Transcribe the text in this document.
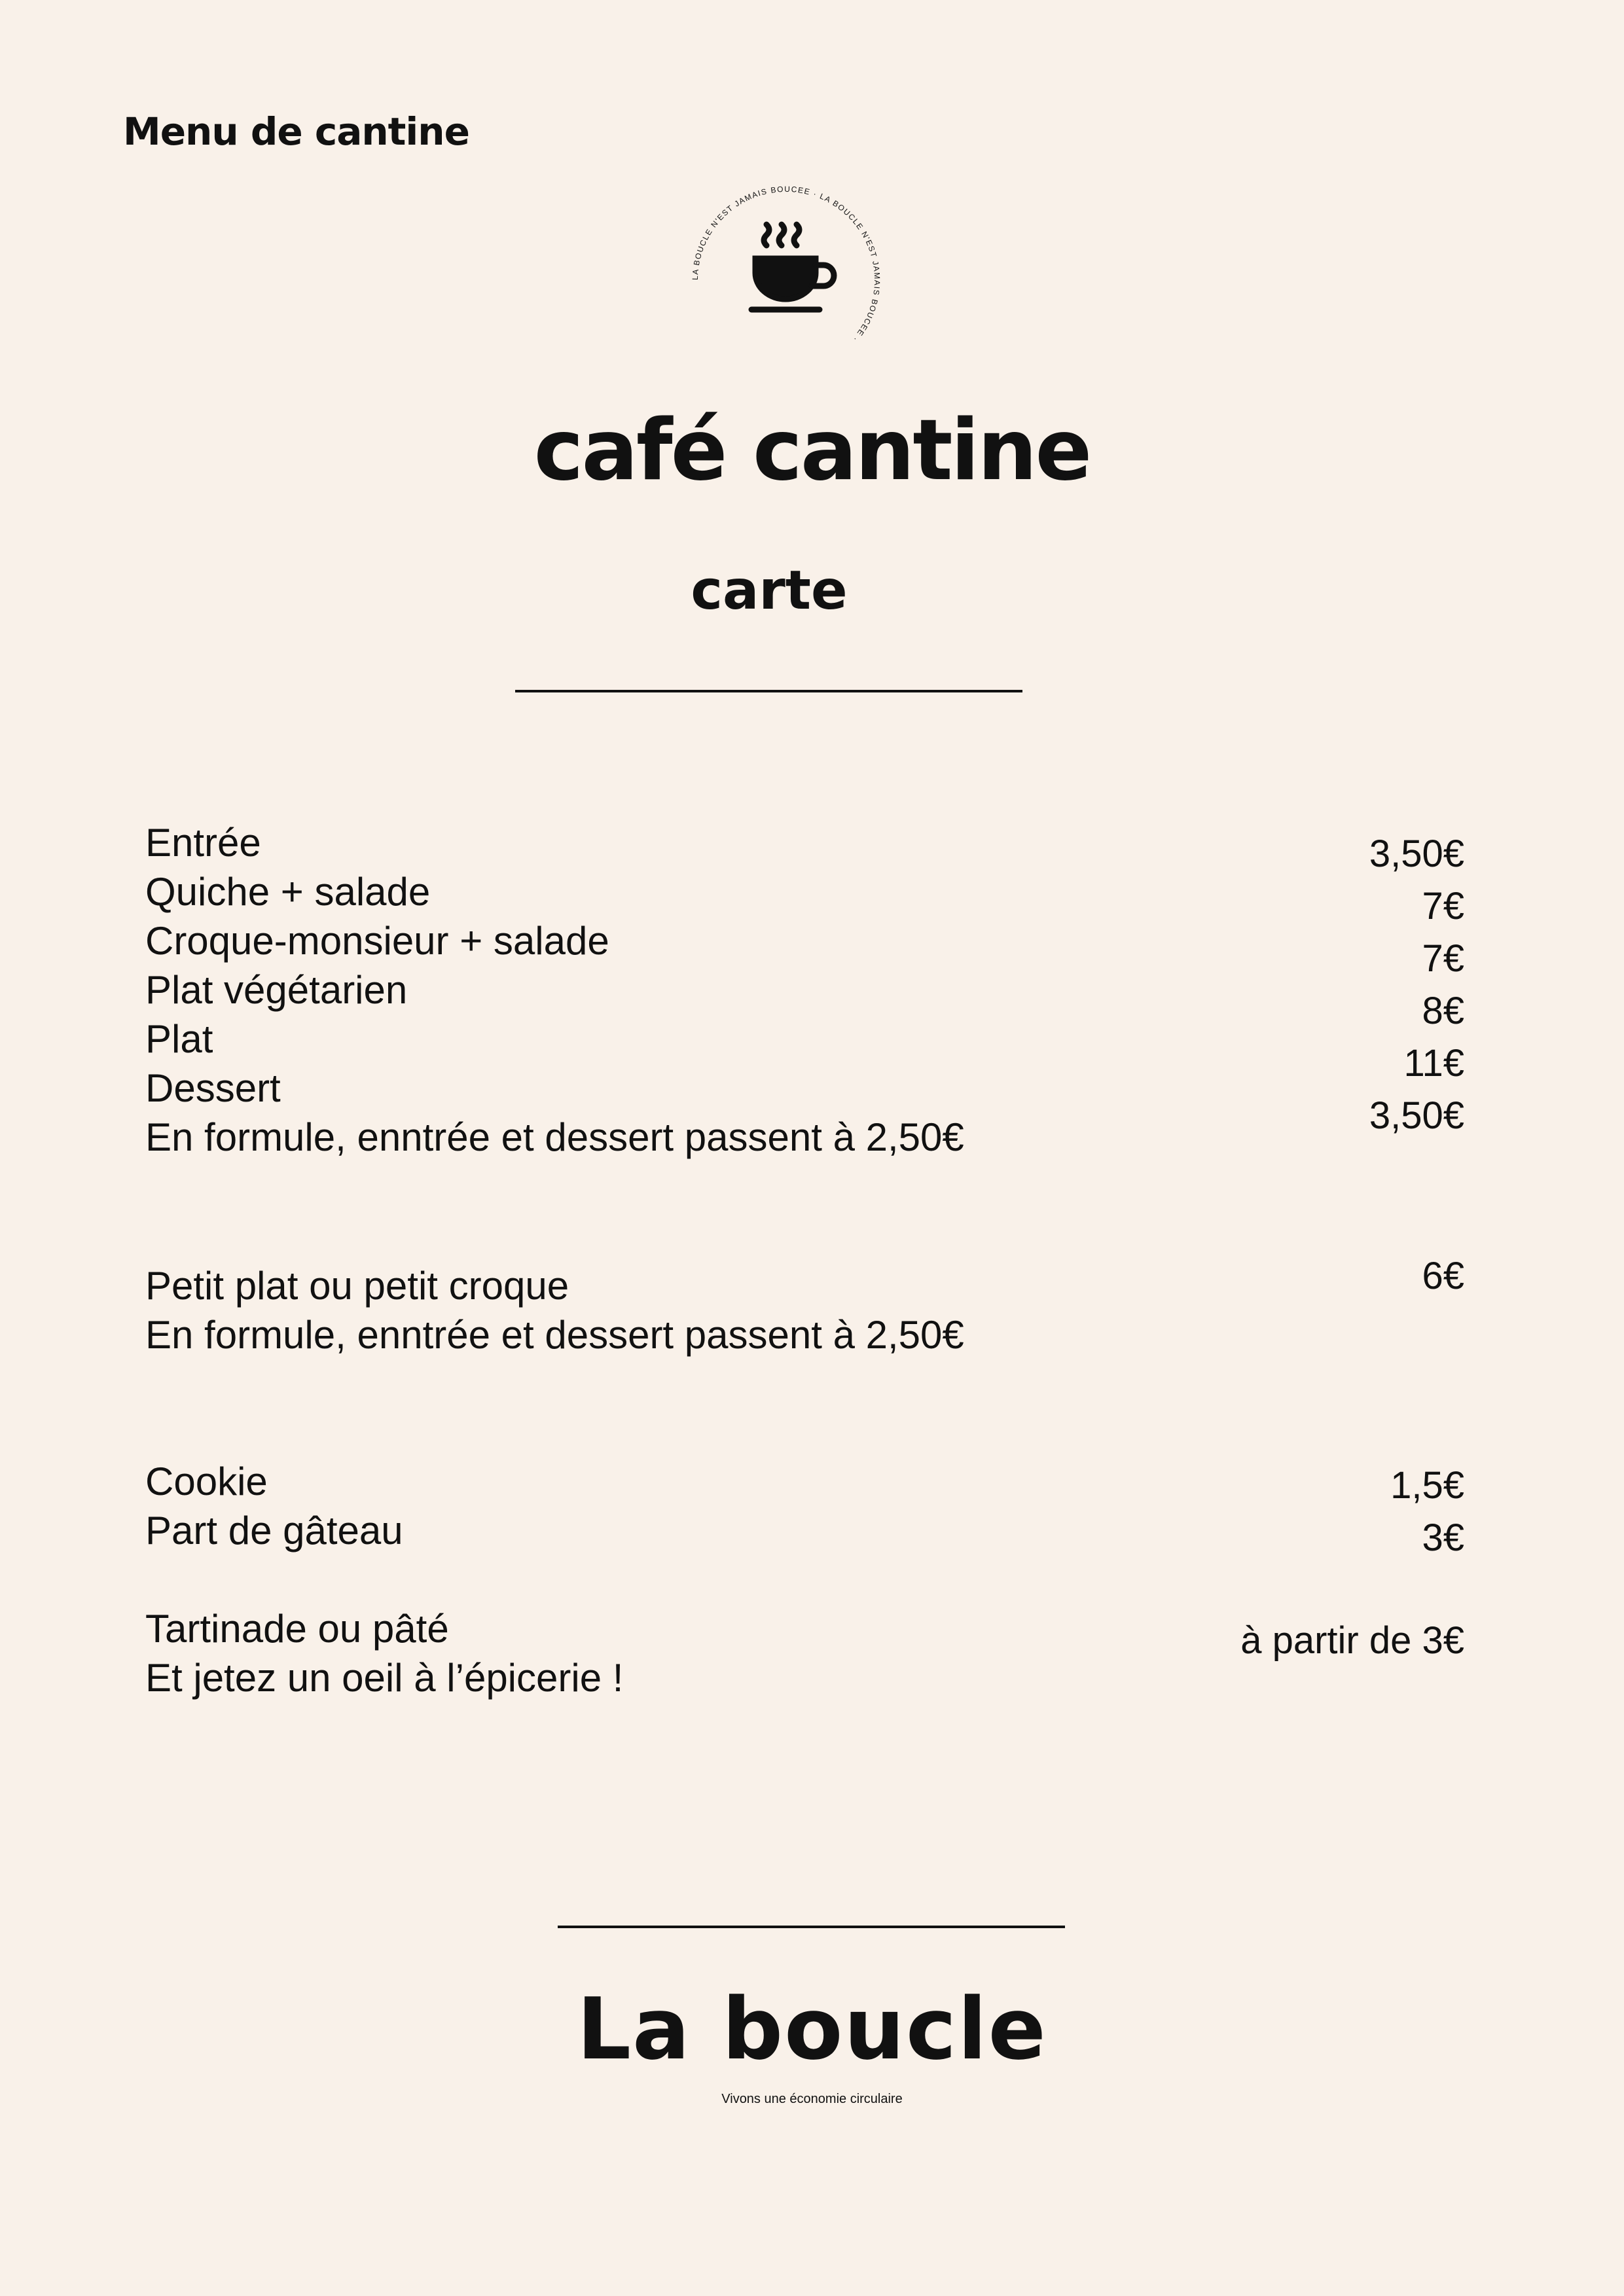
Menu de cantine
LA BOUCLE N'EST JAMAIS BOUCEE · LA BOUCLE N'EST JAMAIS BOUCEE ·
café cantine
carte
Entrée
Quiche + salade
Croque-monsieur + salade
Plat végétarien
Plat
Dessert
En formule, enntrée et dessert passent à 2,50€
3,50€
7€
7€
8€
11€
3,50€
Petit plat ou petit croque
En formule, enntrée et dessert passent à 2,50€
6€
Cookie
Part de gâteau
1,5€
3€
Tartinade ou pâté
Et jetez un oeil à l’épicerie !
à partir de 3€
La boucle
Vivons une économie circulaire
